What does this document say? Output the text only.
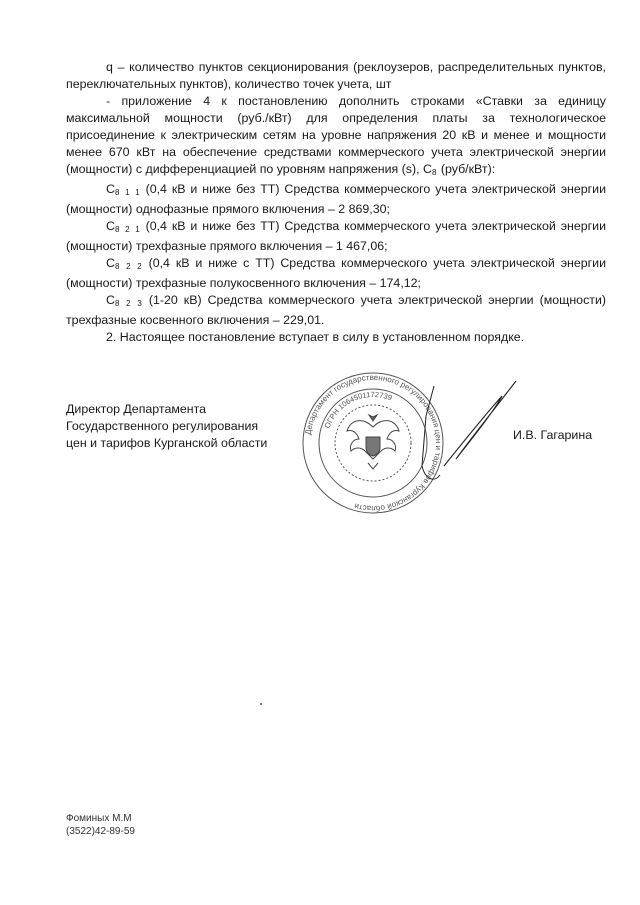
q – количество пунктов секционирования (реклоузеров, распределительных пунктов, переключательных пунктов), количество точек учета, шт

- приложение 4 к постановлению дополнить строками «Ставки за единицу максимальной мощности (руб./кВт) для определения платы за технологическое присоединение к электрическим сетям на уровне напряжения 20 кВ и менее и мощности менее 670 кВт на обеспечение средствами коммерческого учета электрической энергии (мощности) с дифференциацией по уровням напряжения (s), $C_8$ (руб/кВт):

$C_{8 1 1}$ (0,4 кВ и ниже без ТТ) Средства коммерческого учета электрической энергии (мощности) однофазные прямого включения – 2 869,30;

$C_{8 2 1}$ (0,4 кВ и ниже без ТТ) Средства коммерческого учета электрической энергии (мощности) трехфазные прямого включения – 1 467,06;

$C_{8 2 2}$ (0,4 кВ и ниже с ТТ) Средства коммерческого учета электрической энергии (мощности) трехфазные полукосвенного включения – 174,12;

$C_{8 2 3}$ (1-20 кВ) Средства коммерческого учета электрической энергии (мощности) трехфазные косвенного включения – 229,01.

2. Настоящее постановление вступает в силу в установленном порядке.

Директор Департамента
Государственного регулирования
цен и тарифов Курганской области
Департамент государственного регулирования цен и тарифов Курганской области
ОГРН 1064501172739
И.В. Гагарина
Фоминых М.М
(3522)42-89-59
